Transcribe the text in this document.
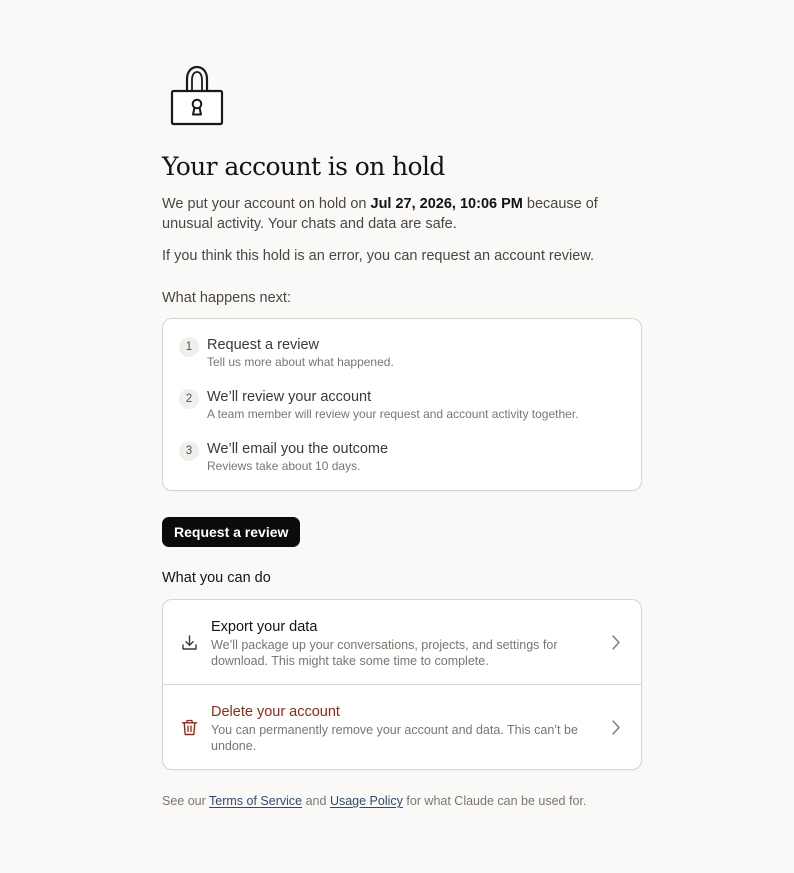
Your account is on hold

We put your account on hold on Jul 27, 2026, 10:06 PM because of unusual activity. Your chats and data are safe.

If you think this hold is an error, you can request an account review.

What happens next:
1	Request a review
Tell us more about what happened.
2	We’ll review your account
A team member will review your request and account activity together.
3	We’ll email you the outcome
Reviews take about 10 days.
Request a review
What you can do
Export your data
We’ll package up your conversations, projects, and settings for download. This might take some time to complete.
Delete your account
You can permanently remove your account and data. This can’t be undone.
See our Terms of Service and Usage Policy for what Claude can be used for.
